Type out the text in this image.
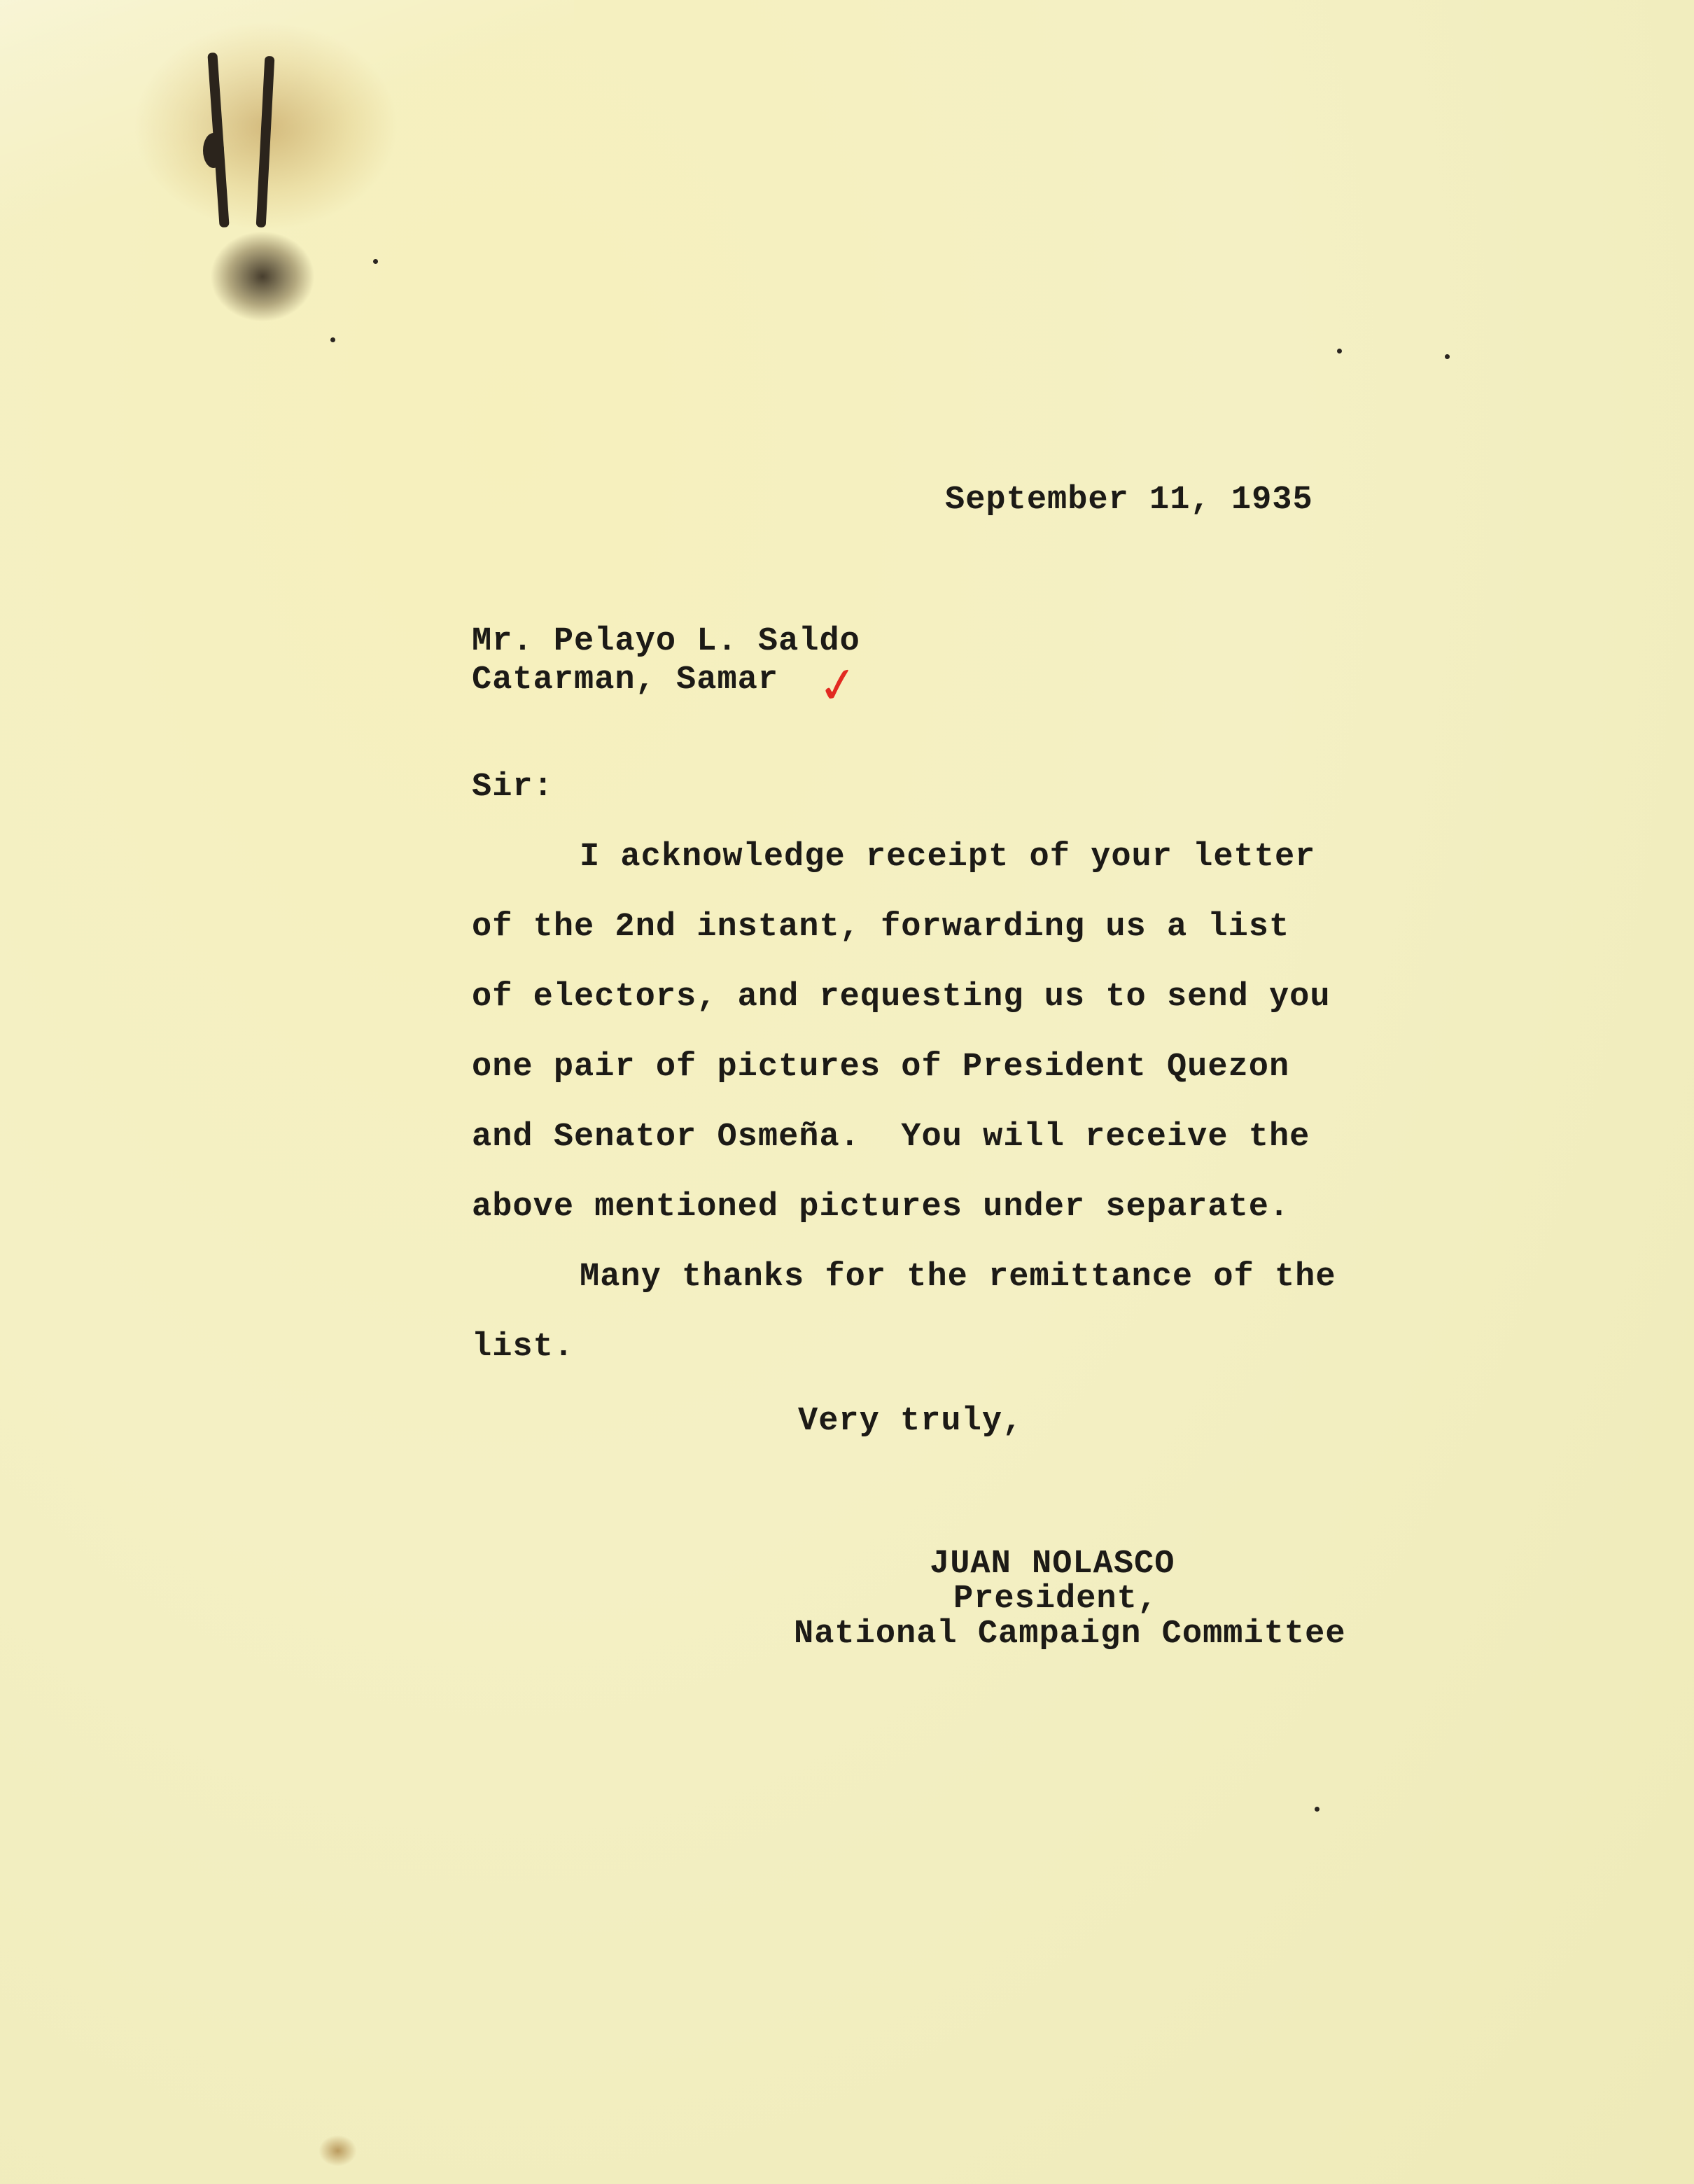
September 11, 1935
Mr. Pelayo L. Saldo
Catarman, Samar ✓
Sir:
I acknowledge receipt of your letter
of the 2nd instant, forwarding us a list
of electors, and requesting us to send you
one pair of pictures of President Quezon
and Senator Osmeña.  You will receive the
above mentioned pictures under separate.
Many thanks for the remittance of the
list.
Very truly,
JUAN NOLASCO
President,
National Campaign Committee
